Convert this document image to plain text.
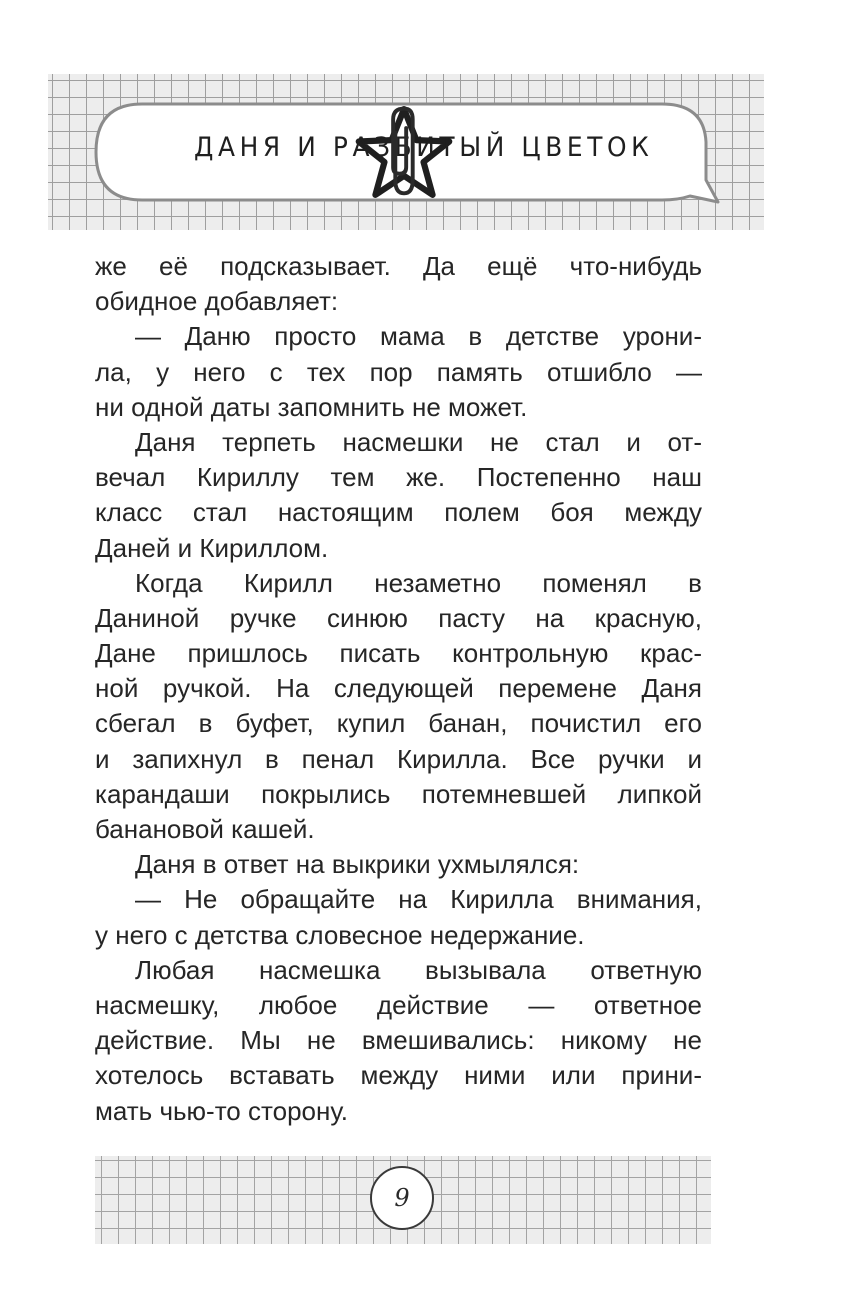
ДАНЯ И РАЗБИТЫЙ ЦВЕТОК
же её подсказывает. Да ещё что-нибудь
обидное добавляет:
— Даню просто мама в детстве урони-
ла, у него с тех пор память отшибло —
ни одной даты запомнить не может.
Даня терпеть насмешки не стал и от-
вечал Кириллу тем же. Постепенно наш
класс стал настоящим полем боя между
Даней и Кириллом.
Когда Кирилл незаметно поменял в
Даниной ручке синюю пасту на красную,
Дане пришлось писать контрольную крас-
ной ручкой. На следующей перемене Даня
сбегал в буфет, купил банан, почистил его
и запихнул в пенал Кирилла. Все ручки и
карандаши покрылись потемневшей липкой
банановой кашей.
Даня в ответ на выкрики ухмылялся:
— Не обращайте на Кирилла внимания,
у него с детства словесное недержание.
Любая насмешка вызывала ответную
насмешку, любое действие — ответное
действие. Мы не вмешивались: никому не
хотелось вставать между ними или прини-
мать чью-то сторону.
9
